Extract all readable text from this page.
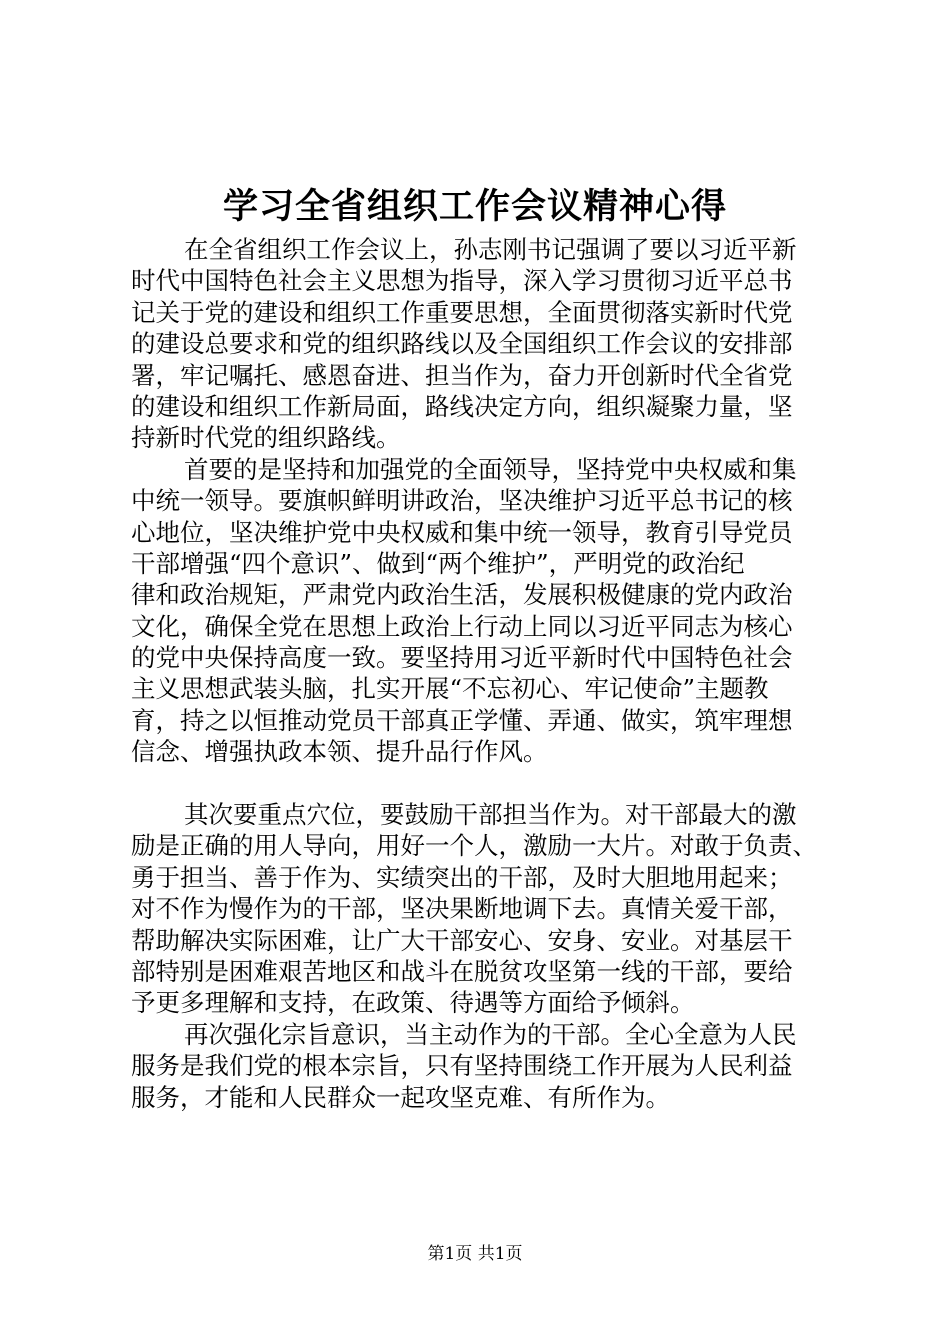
学习全省组织工作会议精神心得
在全省组织工作会议上，孙志刚书记强调了要以习近平新
时代中国特色社会主义思想为指导，深入学习贯彻习近平总书
记关于党的建设和组织工作重要思想，全面贯彻落实新时代党
的建设总要求和党的组织路线以及全国组织工作会议的安排部
署，牢记嘱托、感恩奋进、担当作为，奋力开创新时代全省党
的建设和组织工作新局面，路线决定方向，组织凝聚力量，坚
持新时代党的组织路线。
首要的是坚持和加强党的全面领导，坚持党中央权威和集
中统一领导。要旗帜鲜明讲政治，坚决维护习近平总书记的核
心地位，坚决维护党中央权威和集中统一领导，教育引导党员
干部增强“四个意识”、做到“两个维护”，严明党的政治纪
律和政治规矩，严肃党内政治生活，发展积极健康的党内政治
文化，确保全党在思想上政治上行动上同以习近平同志为核心
的党中央保持高度一致。要坚持用习近平新时代中国特色社会
主义思想武装头脑，扎实开展“不忘初心、牢记使命”主题教
育，持之以恒推动党员干部真正学懂、弄通、做实，筑牢理想
信念、增强执政本领、提升品行作风。
其次要重点穴位，要鼓励干部担当作为。对干部最大的激
励是正确的用人导向，用好一个人，激励一大片。对敢于负责、
勇于担当、善于作为、实绩突出的干部，及时大胆地用起来；
对不作为慢作为的干部，坚决果断地调下去。真情关爱干部，
帮助解决实际困难，让广大干部安心、安身、安业。对基层干
部特别是困难艰苦地区和战斗在脱贫攻坚第一线的干部，要给
予更多理解和支持，在政策、待遇等方面给予倾斜。
再次强化宗旨意识，当主动作为的干部。全心全意为人民
服务是我们党的根本宗旨，只有坚持围绕工作开展为人民利益
服务，才能和人民群众一起攻坚克难、有所作为。
第1页 共1页
